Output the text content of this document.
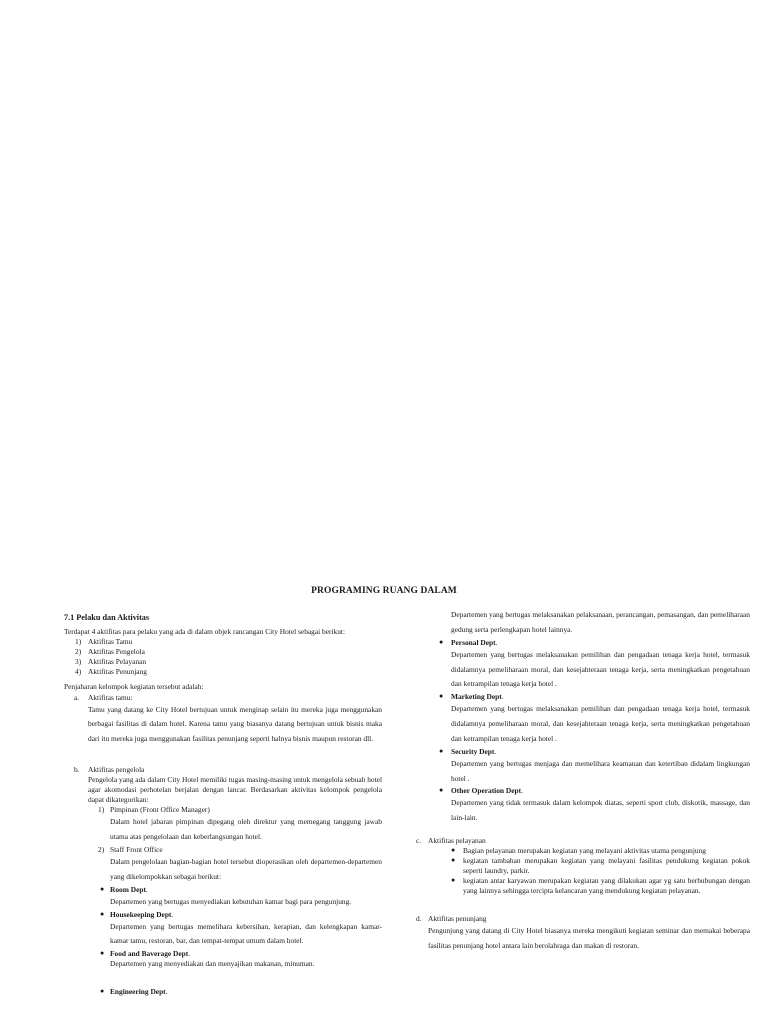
PROGRAMING RUANG DALAM
7.1 Pelaku dan Aktivitas

Terdapat 4 aktifitas para pelaku yang ada di dalam objek rancangan City Hotel sebagai berikut:

1) Aktifitas Tamu
2) Aktifitas Pengelola
3) Aktifitas Pelayanan
4) Aktifitas Penunjang

Penjaharan kelompok kegiatan tersebut adalah:

a. Aktifitas tamu:

Tamu yang datang ke City Hotel bertujuan untuk menginap selain itu mereka juga menggunakan berbagai fasilitas di dalam hotel. Karena tamu yang biasanya datang bertujuan untuk bisnis maka dari itu mereka juga menggunakan fasilitas penunjang seperti halnya bisnis maupun restoran dll.

b. Aktifitas pengelola

Pengelola yang ada dalam City Hotel memiliki tugas masing-masing untuk mengelola sebuah hotel agar akomodasi perhotelan berjalan dengan lancar. Berdasarkan aktivitas kelompok pengelola dapat dikategorikan:

1) Pimpinan (Front Office Manager)

Dalam hotel jabaran pimpinan dipegang oleh direktur yang memegang tanggung jawab utama atas pengelolaan dan keberlangsungan hotel.

2) Staff Front Office

Dalam pengelolaan bagian-bagian hotel tersebut dioperasikan oleh departemen-departemen yang dikelompokkan sebagai berikut:

● Room Dept.

Departemen yang bertugas menyediakan kebutuhan kamar bagi para pengunjung.

● Housekeeping Dept.

Departemen yang bertugas memelihara kebersihan, kerapian, dan kelengkapan kamar-kamar tamu, restoran, bar, dan tempat-tempat umum dalam hotel.

● Food and Baverage Dept.

Departemen yang menyediakan dan menyajikan makanan, minuman.

● Engineering Dept.

Departemen yang bertugas melaksanakan pelaksanaan, perancangan, pemasangan, dan pemeliharaan gedung serta perlengkapan hotel lainnya.

● Personal Dept.

Departemen yang bertugas melaksanakan pemilihan dan pengadaan tenaga kerja hotel, termasuk didalamnya pemeliharaan moral, dan kesejahteraan tenaga kerja, serta meningkatkan pengetahuan dan ketrampilan tenaga kerja hotel .

● Marketing Dept.

Departemen yang bertugas melaksanakan pemilihan dan pengadaan tenaga kerja hotel, termasuk didalamnya pemeliharaan moral, dan kesejahteraan tenaga kerja, serta meningkatkan pengetahuan dan ketrampilan tenaga kerja hotel .

● Security Dept.

Departemen yang bertugas menjaga dan memelihara keamanan dan ketertiban didalam lingkungan hotel .

● Other Operation Dept.

Departemen yang tidak termasuk dalam kelompok diatas, seperti sport club, diskotik, massage, dan lain-lain.

c. Aktifitas pelayanan

● Bagian pelayanan merupakan kegiatan yang melayani aktivitas utama pengunjung
● kegiatan tambahan merupakan kegiatan yang melayani fasilitas pendukung kegiatan pokok seperti laundry, parkir.
● kegiatan antar karyawan merupakan kegiatan yang dilakukan agar yg satu berhubungan dengan yang lainnya sehingga tercipta kelancaran yang mendukung kegiatan pelayanan.
d. Aktifitas penunjang

Pengunjung yang datang di City Hotel biasanya mereka mengikuti kegiatan seminar dan memakai beberapa fasilitas penunjang hotel antara lain berolahraga dan makan di restoran.
